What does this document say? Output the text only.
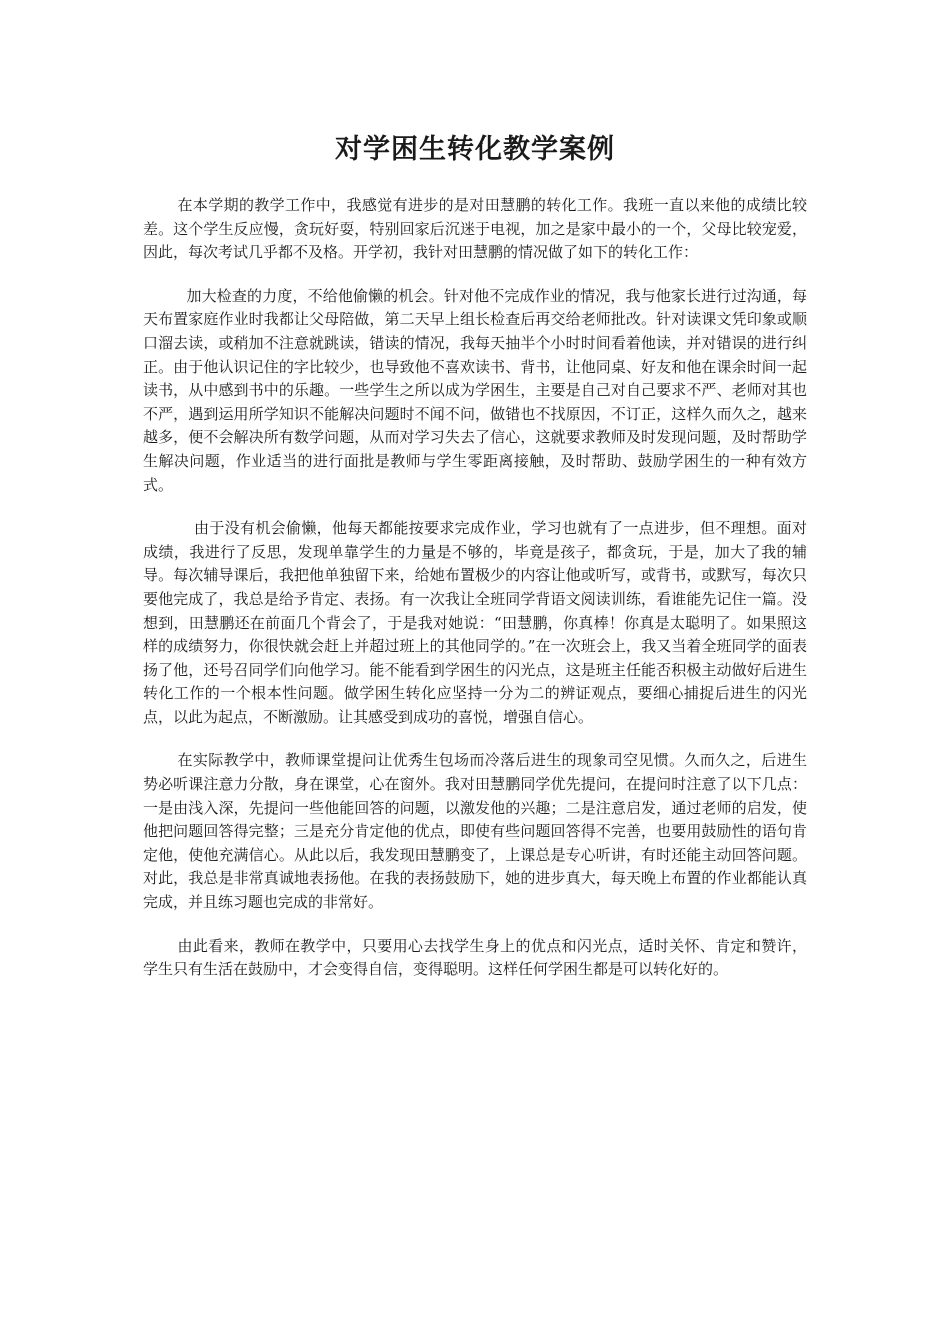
对学困生转化教学案例

在本学期的教学工作中，我感觉有进步的是对田慧鹏的转化工作。我班一直以来他的成绩比较差。这个学生反应慢，贪玩好耍，特别回家后沉迷于电视，加之是家中最小的一个，父母比较宠爱，因此，每次考试几乎都不及格。开学初，我针对田慧鹏的情况做了如下的转化工作：

加大检查的力度，不给他偷懒的机会。针对他不完成作业的情况，我与他家长进行过沟通，每天布置家庭作业时我都让父母陪做，第二天早上组长检查后再交给老师批改。针对读课文凭印象或顺口溜去读，或稍加不注意就跳读，错读的情况，我每天抽半个小时时间看着他读，并对错误的进行纠正。由于他认识记住的字比较少，也导致他不喜欢读书、背书，让他同桌、好友和他在课余时间一起读书，从中感到书中的乐趣。一些学生之所以成为学困生，主要是自己对自己要求不严、老师对其也不严，遇到运用所学知识不能解决问题时不闻不问，做错也不找原因，不订正，这样久而久之，越来越多，便不会解决所有数学问题，从而对学习失去了信心，这就要求教师及时发现问题，及时帮助学生解决问题，作业适当的进行面批是教师与学生零距离接触，及时帮助、鼓励学困生的一种有效方式。

由于没有机会偷懒，他每天都能按要求完成作业，学习也就有了一点进步，但不理想。面对成绩，我进行了反思，发现单靠学生的力量是不够的，毕竟是孩子，都贪玩，于是，加大了我的辅导。每次辅导课后，我把他单独留下来，给她布置极少的内容让他或听写，或背书，或默写，每次只要他完成了，我总是给予肯定、表扬。有一次我让全班同学背语文阅读训练，看谁能先记住一篇。没想到，田慧鹏还在前面几个背会了，于是我对她说：“田慧鹏，你真棒！你真是太聪明了。如果照这样的成绩努力，你很快就会赶上并超过班上的其他同学的。”在一次班会上，我又当着全班同学的面表扬了他，还号召同学们向他学习。能不能看到学困生的闪光点，这是班主任能否积极主动做好后进生转化工作的一个根本性问题。做学困生转化应坚持一分为二的辨证观点，要细心捕捉后进生的闪光点，以此为起点，不断激励。让其感受到成功的喜悦，增强自信心。

在实际教学中，教师课堂提问让优秀生包场而冷落后进生的现象司空见惯。久而久之，后进生势必听课注意力分散，身在课堂，心在窗外。我对田慧鹏同学优先提问，在提问时注意了以下几点：一是由浅入深，先提问一些他能回答的问题，以激发他的兴趣；二是注意启发，通过老师的启发，使他把问题回答得完整；三是充分肯定他的优点，即使有些问题回答得不完善，也要用鼓励性的语句肯定他，使他充满信心。从此以后，我发现田慧鹏变了，上课总是专心听讲，有时还能主动回答问题。对此，我总是非常真诚地表扬他。在我的表扬鼓励下，她的进步真大，每天晚上布置的作业都能认真完成，并且练习题也完成的非常好。

由此看来，教师在教学中，只要用心去找学生身上的优点和闪光点，适时关怀、肯定和赞许，学生只有生活在鼓励中，才会变得自信，变得聪明。这样任何学困生都是可以转化好的。
